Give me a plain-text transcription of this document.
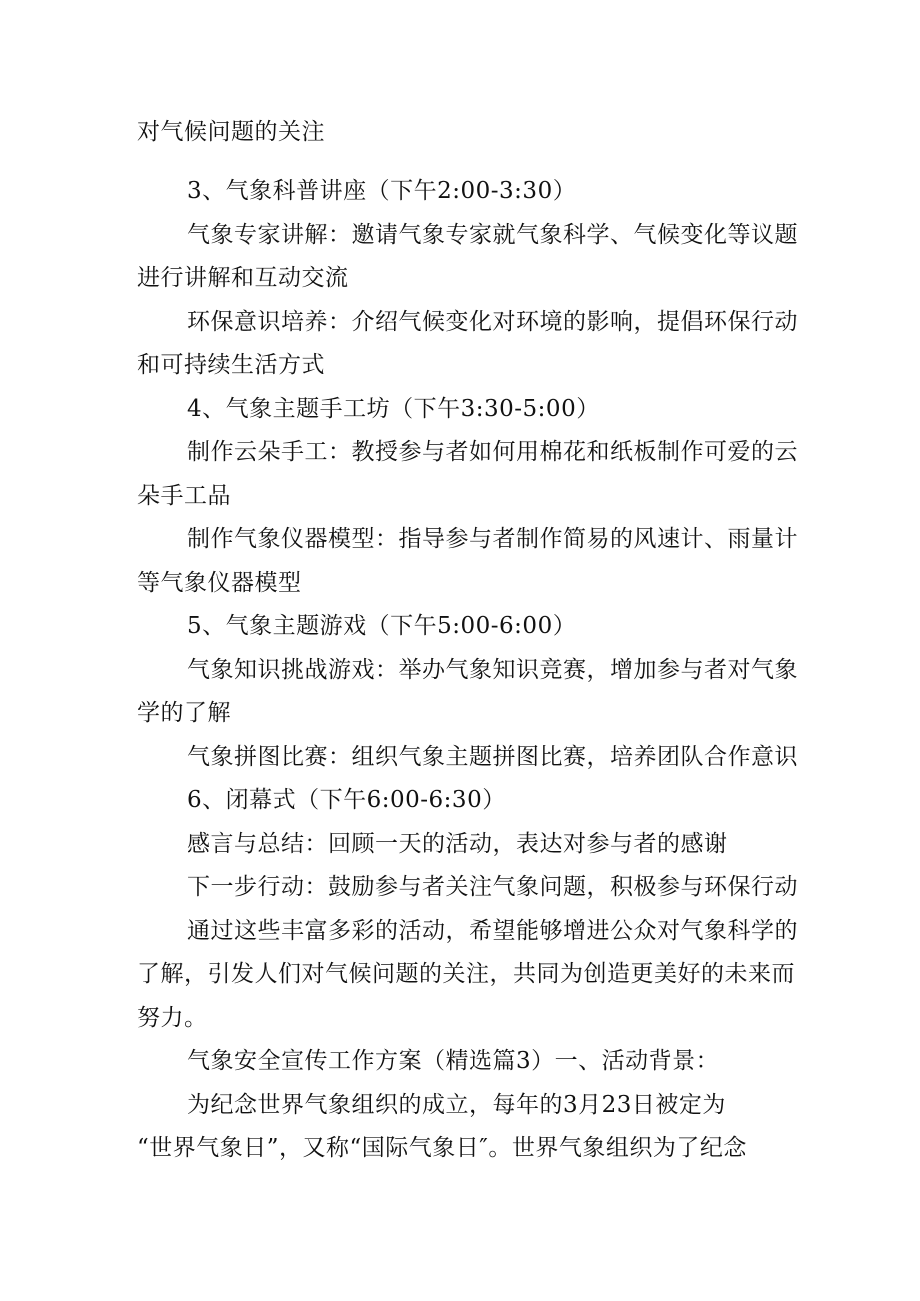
对气候问题的关注
3、气象科普讲座（下午2:00-3:30）
气象专家讲解：邀请气象专家就气象科学、气候变化等议题
进行讲解和互动交流
环保意识培养：介绍气候变化对环境的影响，提倡环保行动
和可持续生活方式
4、气象主题手工坊（下午3:30-5:00）
制作云朵手工：教授参与者如何用棉花和纸板制作可爱的云
朵手工品
制作气象仪器模型：指导参与者制作简易的风速计、雨量计
等气象仪器模型
5、气象主题游戏（下午5:00-6:00）
气象知识挑战游戏：举办气象知识竞赛，增加参与者对气象
学的了解
气象拼图比赛：组织气象主题拼图比赛，培养团队合作意识
6、闭幕式（下午6:00-6:30）
感言与总结：回顾一天的活动，表达对参与者的感谢
下一步行动：鼓励参与者关注气象问题，积极参与环保行动
通过这些丰富多彩的活动，希望能够增进公众对气象科学的
了解，引发人们对气候问题的关注，共同为创造更美好的未来而
努力。
气象安全宣传工作方案（精选篇3）一、活动背景：
为纪念世界气象组织的成立，每年的3月23日被定为
“世界气象日”，又称“国际气象日″。世界气象组织为了纪念
